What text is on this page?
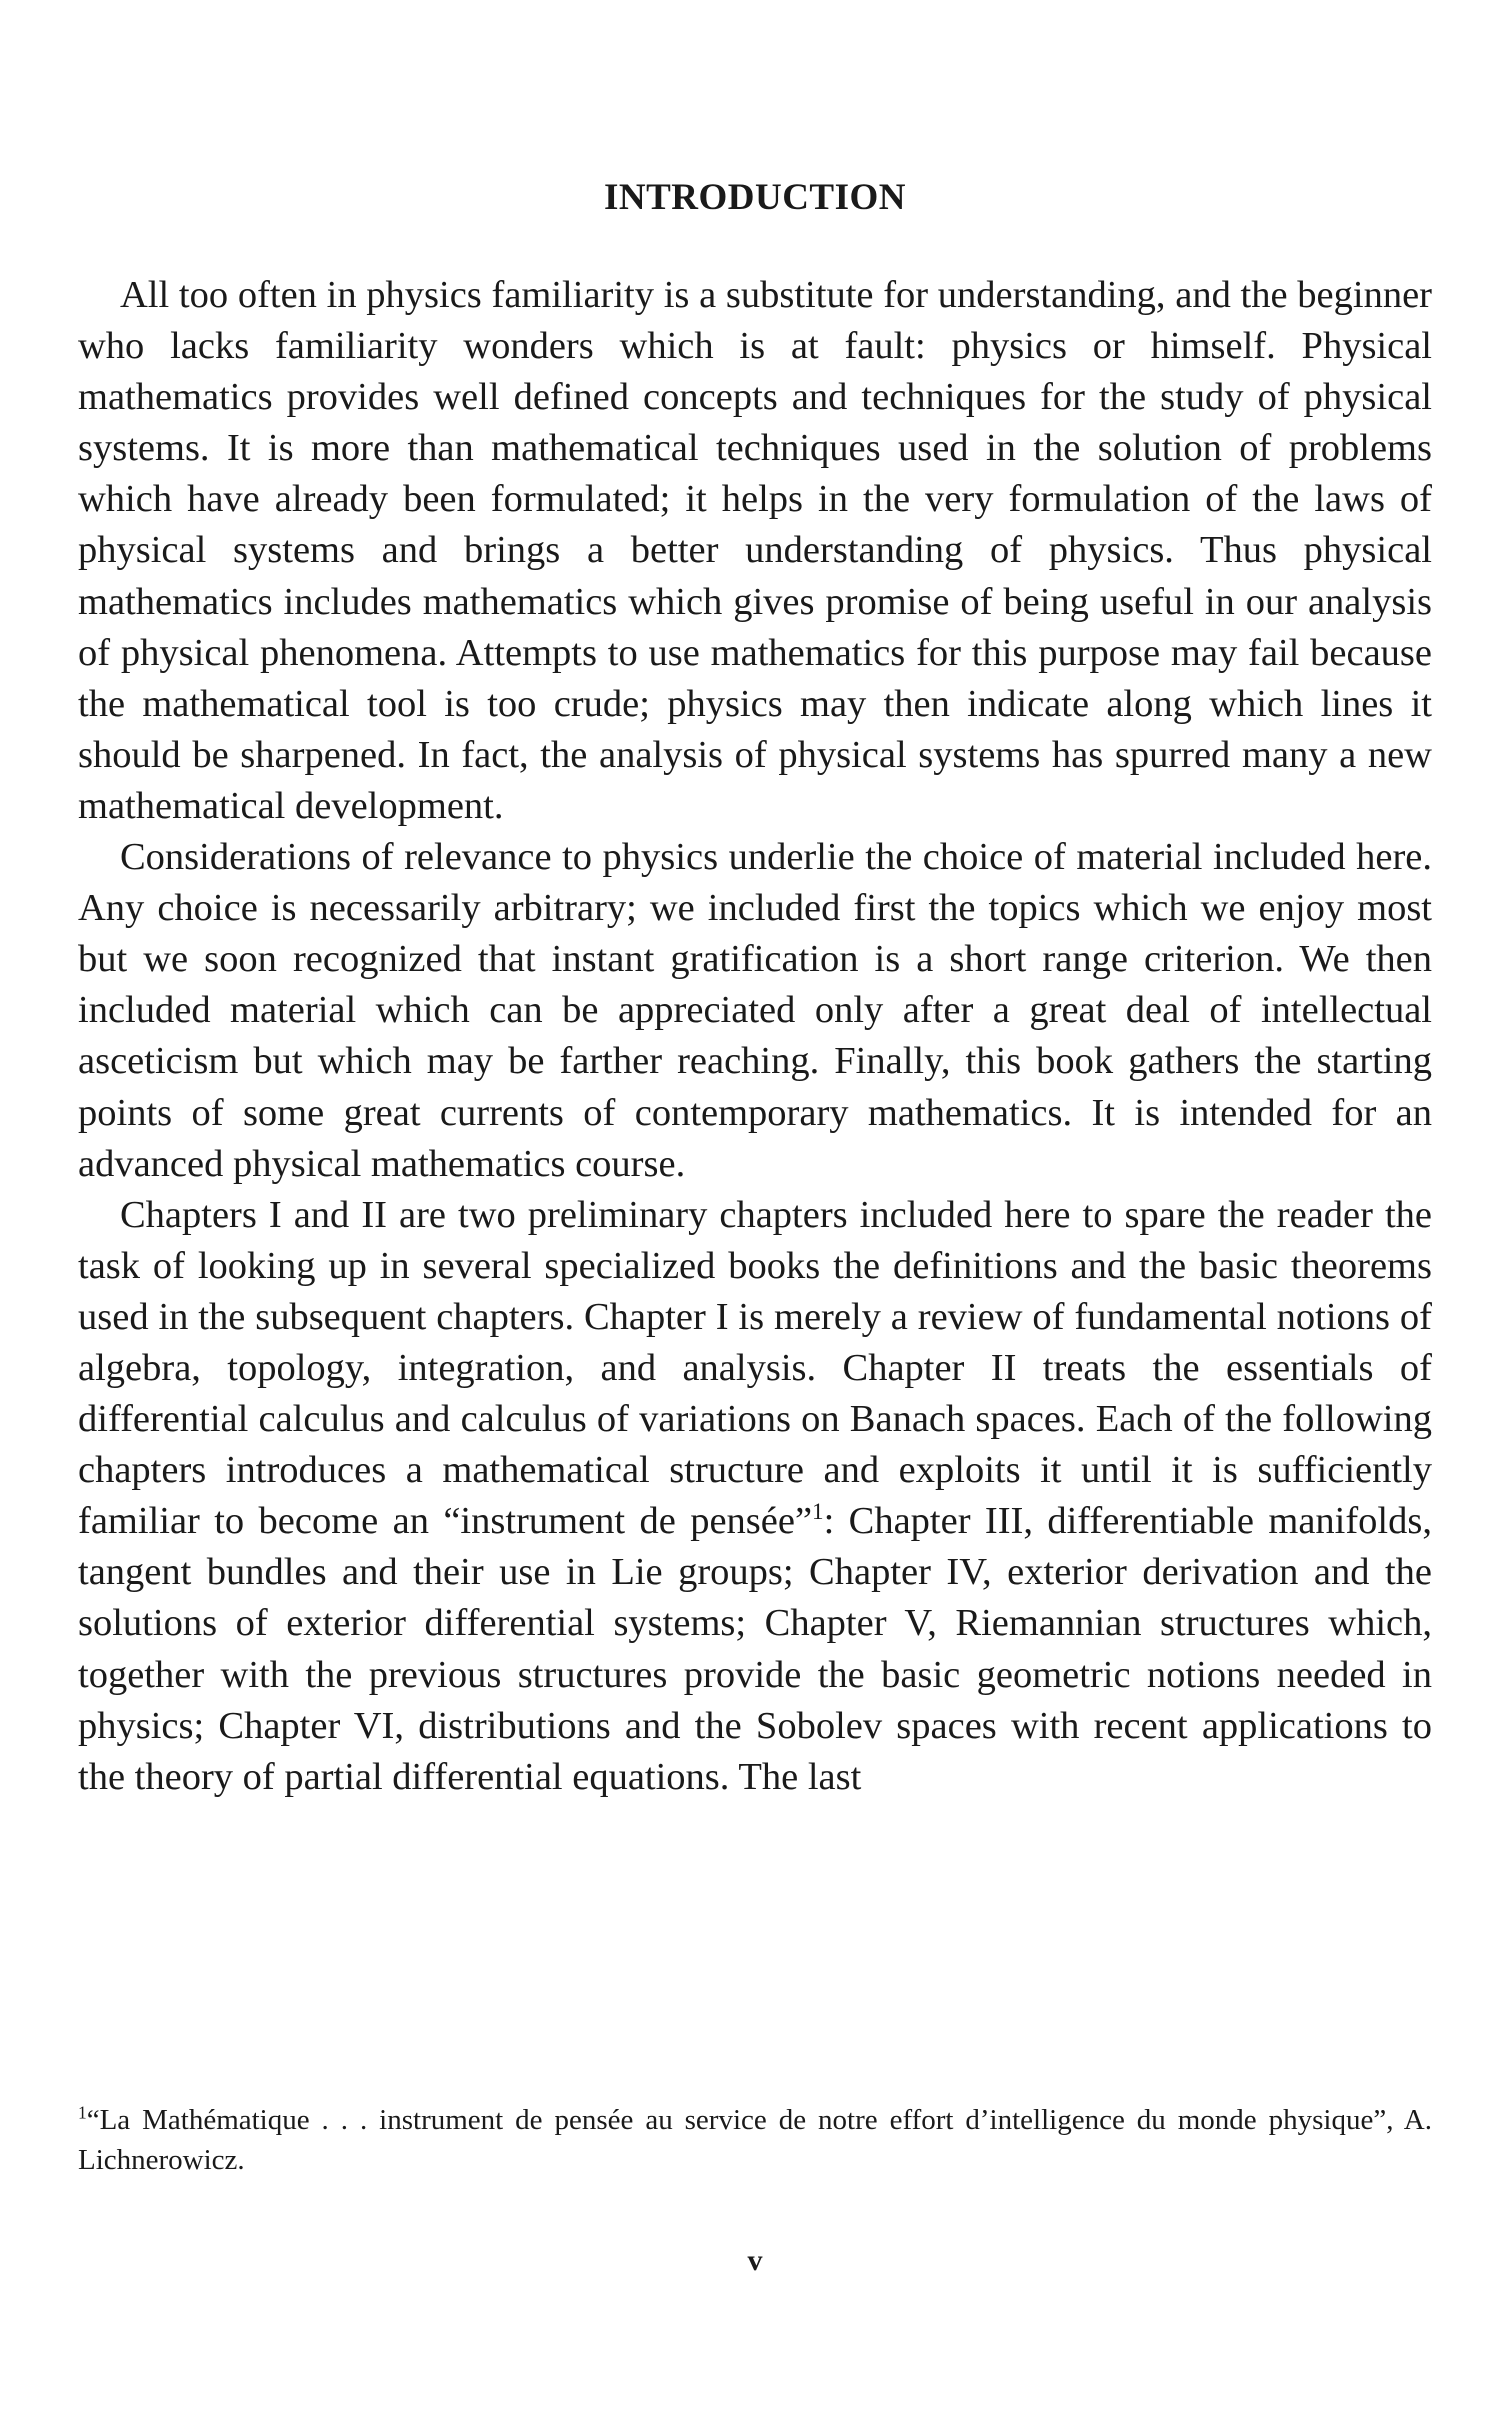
INTRODUCTION

All too often in physics familiarity is a substitute for understanding, and the beginner who lacks familiarity wonders which is at fault: physics or himself. Physical mathematics provides well defined concepts and techniques for the study of physical systems. It is more than mathematical techniques used in the solution of problems which have already been formulated; it helps in the very formulation of the laws of physical systems and brings a better understanding of physics. Thus physical mathematics includes mathematics which gives promise of being useful in our analysis of physical phenomena. Attempts to use mathematics for this purpose may fail because the mathematical tool is too crude; physics may then indicate along which lines it should be sharpened. In fact, the analysis of physical systems has spurred many a new mathematical development.

Considerations of relevance to physics underlie the choice of material included here. Any choice is necessarily arbitrary; we included first the topics which we enjoy most but we soon recognized that instant gratification is a short range criterion. We then included material which can be appreciated only after a great deal of intellectual asceticism but which may be farther reaching. Finally, this book gathers the starting points of some great currents of contemporary mathematics. It is intended for an advanced physical mathematics course.

Chapters I and II are two preliminary chapters included here to spare the reader the task of looking up in several specialized books the definitions and the basic theorems used in the subsequent chapters. Chapter I is merely a review of fundamental notions of algebra, topology, integration, and analysis. Chapter II treats the essentials of differential calculus and calculus of variations on Banach spaces. Each of the following chapters introduces a mathematical structure and exploits it until it is sufficiently familiar to become an “instrument de pensée”$^1$: Chapter III, differentiable manifolds, tangent bundles and their use in Lie groups; Chapter IV, exterior derivation and the solutions of exterior differential systems; Chapter V, Riemannian structures which, together with the previous structures provide the basic geometric notions needed in physics; Chapter VI, distributions and the Sobolev spaces with recent applications to the theory of partial differential equations. The last

$^1$“La Mathématique . . . instrument de pensée au service de notre effort d’intelligence du monde physique”, A. Lichnerowicz.
v
